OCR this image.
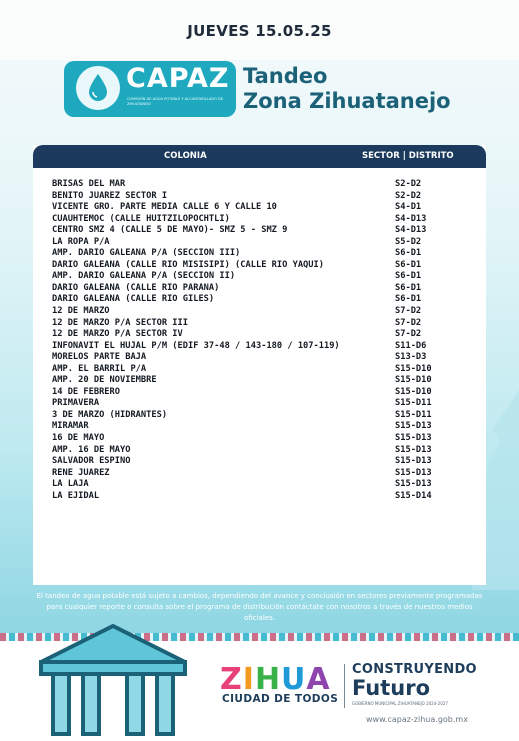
JUEVES 15.05.25
CAPAZ
COMISIÓN DE AGUA POTABLE Y ALCANTARILLADO DE ZIHUATANEJO
Tandeo
Zona Zihuatanejo
COLONIA	SECTOR | DISTRITO
BRISAS DEL MAR	S2-D2
BENITO JUAREZ SECTOR I	S2-D2
VICENTE GRO. PARTE MEDIA CALLE 6 Y CALLE 10	S4-D1
CUAUHTEMOC (CALLE HUITZILOPOCHTLI)	S4-D13
CENTRO SMZ 4 (CALLE 5 DE MAYO)- SMZ 5 - SMZ 9	S4-D13
LA ROPA P/A	S5-D2
AMP. DARIO GALEANA P/A (SECCION III)	S6-D1
DARIO GALEANA (CALLE RIO MISISIPI) (CALLE RIO YAQUI)	S6-D1
AMP. DARIO GALEANA P/A (SECCION II)	S6-D1
DARIO GALEANA (CALLE RIO PARANA)	S6-D1
DARIO GALEANA (CALLE RIO GILES)	S6-D1
12 DE MARZO	S7-D2
12 DE MARZO P/A SECTOR III	S7-D2
12 DE MARZO P/A SECTOR IV	S7-D2
INFONAVIT EL HUJAL P/M (EDIF 37-48 / 143-180 / 107-119)	S11-D6
MORELOS PARTE BAJA	S13-D3
AMP. EL BARRIL P/A	S15-D10
AMP. 20 DE NOVIEMBRE	S15-D10
14 DE FEBRERO	S15-D10
PRIMAVERA	S15-D11
3 DE MARZO (HIDRANTES)	S15-D11
MIRAMAR	S15-D13
16 DE MAYO	S15-D13
AMP. 16 DE MAYO	S15-D13
SALVADOR ESPINO	S15-D13
RENE JUAREZ	S15-D13
LA LAJA	S15-D13
LA EJIDAL	S15-D14
El tandeo de agua potable está sujeto a cambios, dependiendo del avance y conclusión en sectores previamente programadas para cualquier reporte o consulta sobre el programa de distribución contáctate con nosotros a través de nuestros medios oficiales.
ZIHUA
CIUDAD DE TODOS
CONSTRUYENDO
Futuro
GOBIERNO MUNICIPAL ZIHUATANEJO 2024-2027
www.capaz-zihua.gob.mx
